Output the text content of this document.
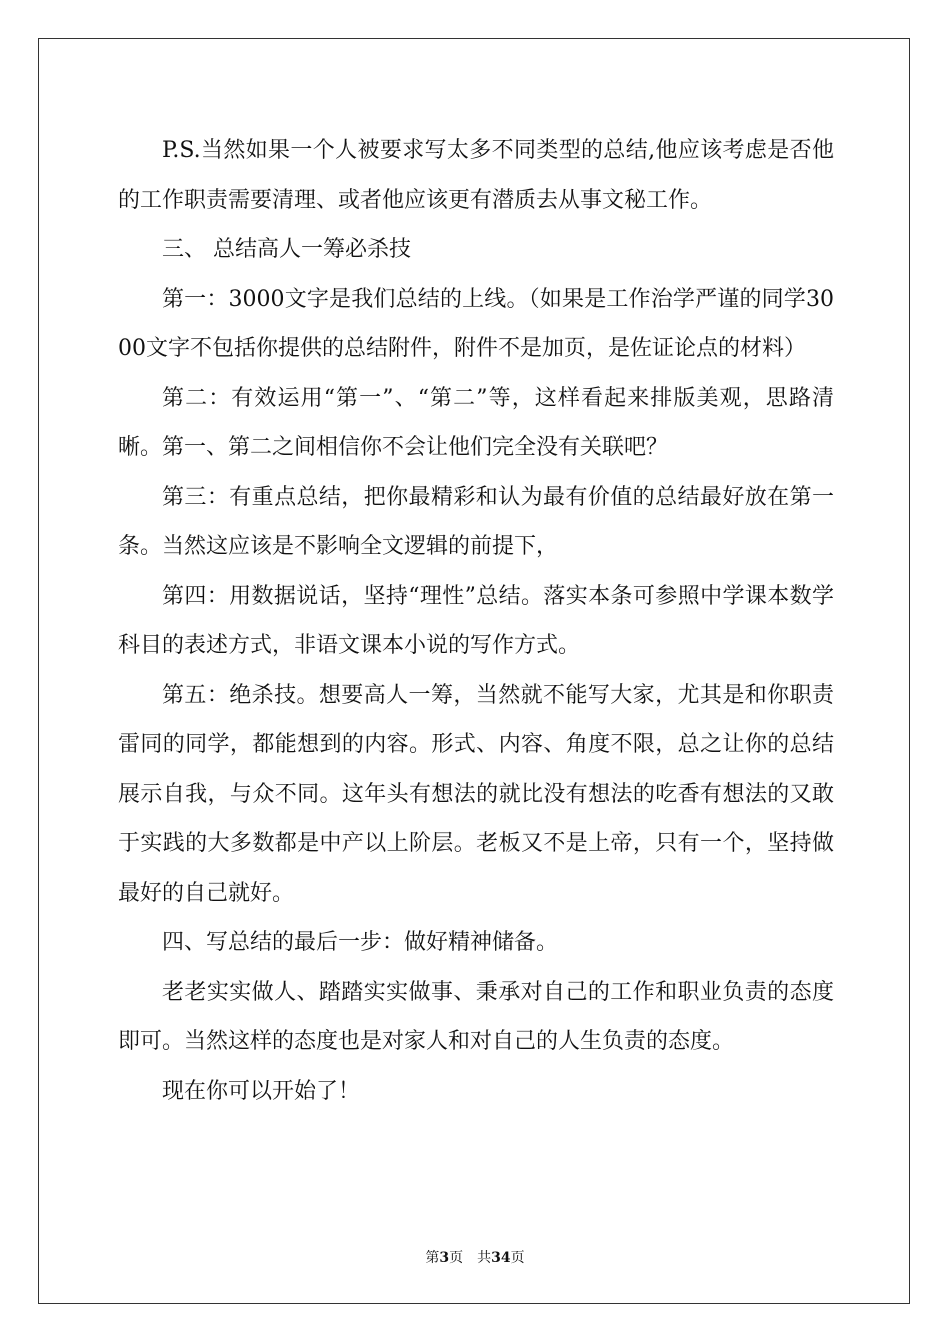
P.S.当然如果一个人被要求写太多不同类型的总结,他应该考虑是否他的工作职责需要清理、或者他应该更有潜质去从事文秘工作。

三、 总结高人一筹必杀技

第一：3000文字是我们总结的上线。（如果是工作治学严谨的同学3000文字不包括你提供的总结附件，附件不是加页，是佐证论点的材料）

第二：有效运用“第一”、“第二”等，这样看起来排版美观，思路清晰。第一、第二之间相信你不会让他们完全没有关联吧？

第三：有重点总结，把你最精彩和认为最有价值的总结最好放在第一条。当然这应该是不影响全文逻辑的前提下，

第四：用数据说话，坚持“理性”总结。落实本条可参照中学课本数学科目的表述方式，非语文课本小说的写作方式。

第五：绝杀技。想要高人一筹，当然就不能写大家，尤其是和你职责雷同的同学，都能想到的内容。形式、内容、角度不限，总之让你的总结展示自我，与众不同。这年头有想法的就比没有想法的吃香有想法的又敢于实践的大多数都是中产以上阶层。老板又不是上帝，只有一个，坚持做最好的自己就好。

四、写总结的最后一步：做好精神储备。

老老实实做人、踏踏实实做事、秉承对自己的工作和职业负责的态度即可。当然这样的态度也是对家人和对自己的人生负责的态度。

现在你可以开始了！

第3页 共34页
